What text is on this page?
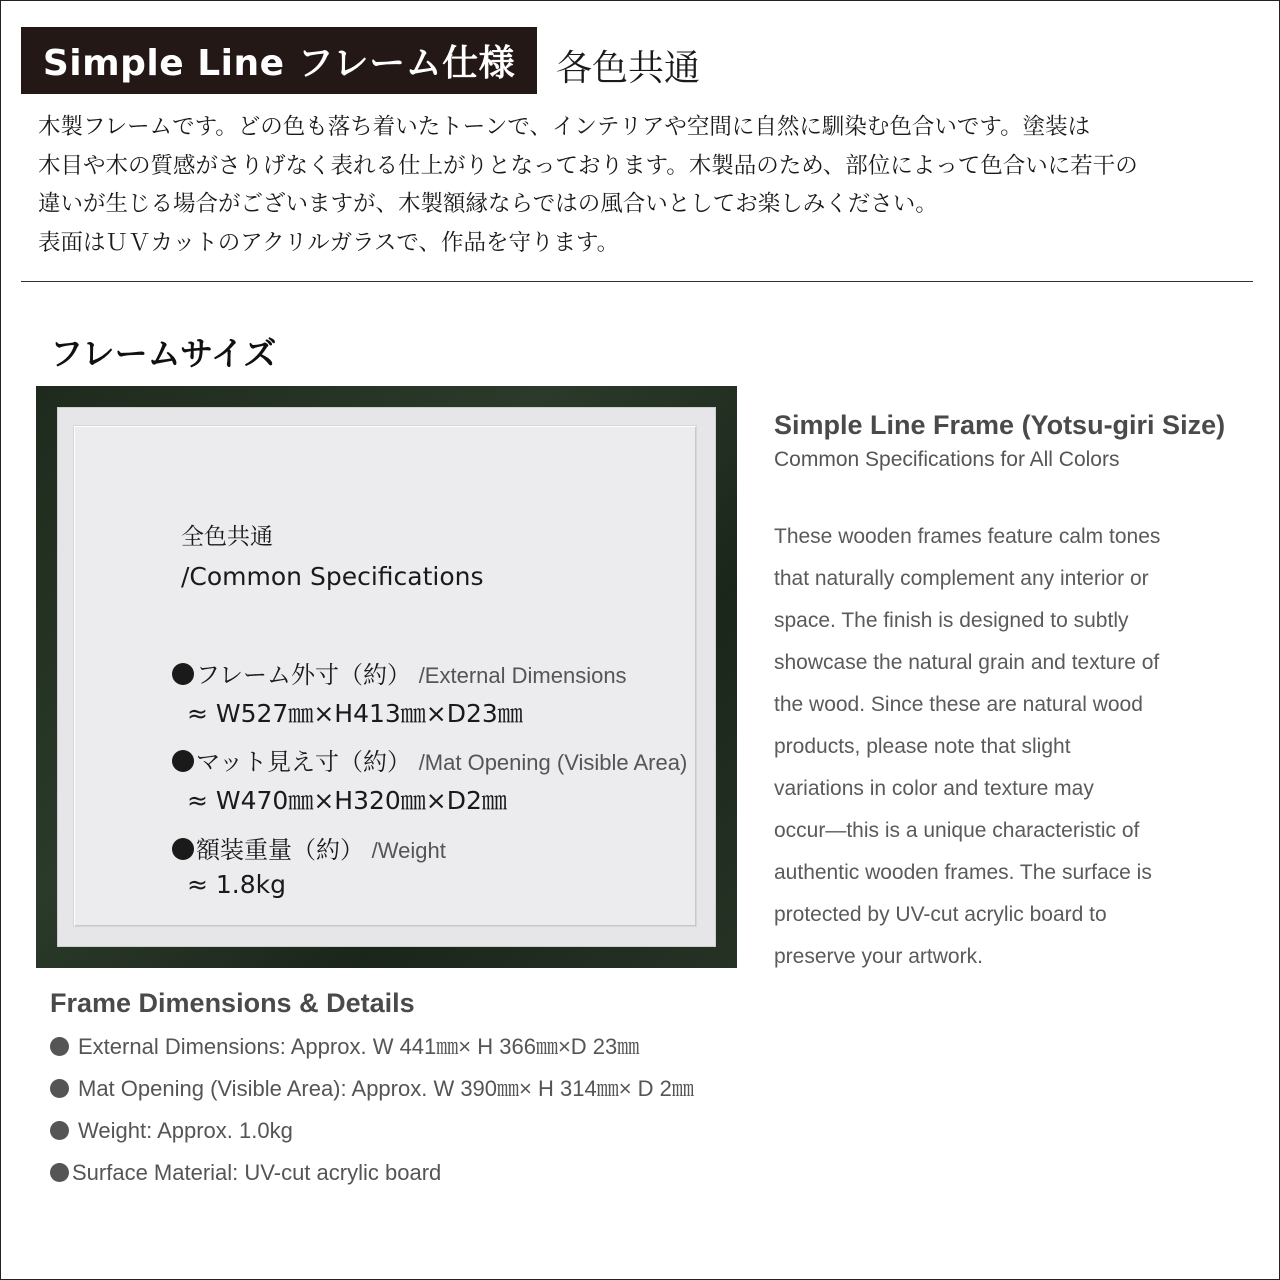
Simple Line フレーム仕様 各色共通
木製フレームです。どの色も落ち着いたトーンで、インテリアや空間に自然に馴染む色合いです。塗装は
木目や木の質感がさりげなく表れる仕上がりとなっております。木製品のため、部位によって色合いに若干の
違いが生じる場合がございますが、木製額縁ならではの風合いとしてお楽しみください。
表面はＵＶカットのアクリルガラスで、作品を守ります。
フレームサイズ
全色共通
/Common Specifications
フレーム外寸（約） /External Dimensions
≈ W527㎜×H413㎜×D23㎜
マット見え寸（約） /Mat Opening (Visible Area)
≈ W470㎜×H320㎜×D2㎜
額装重量（約） /Weight
≈ 1.8kg
Simple Line Frame (Yotsu-giri Size)
Common Specifications for All Colors
These wooden frames feature calm tones
that naturally complement any interior or
space. The finish is designed to subtly
showcase the natural grain and texture of
the wood. Since these are natural wood
products, please note that slight
variations in color and texture may
occur—this is a unique characteristic of
authentic wooden frames. The surface is
protected by UV-cut acrylic board to
preserve your artwork.
Frame Dimensions & Details
External Dimensions: Approx. W 441㎜× H 366㎜×D 23㎜
Mat Opening (Visible Area): Approx. W 390㎜× H 314㎜× D 2㎜
Weight: Approx. 1.0kg
Surface Material: UV-cut acrylic board
